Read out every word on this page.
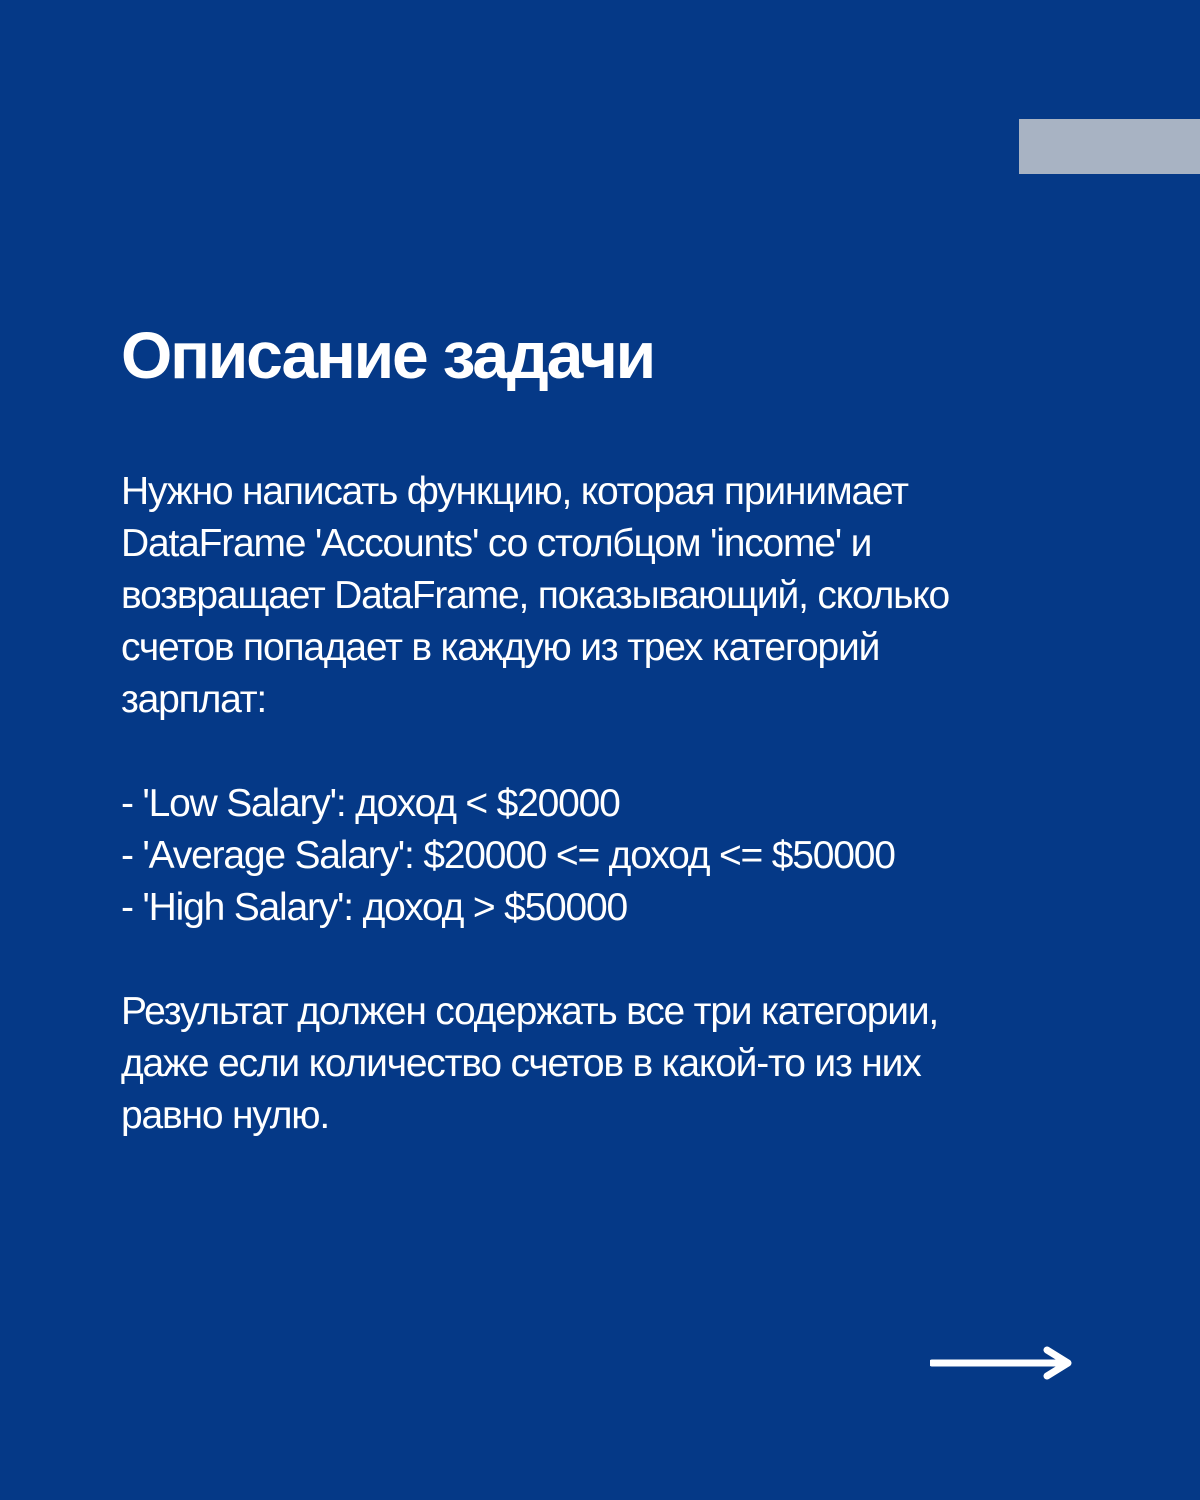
Описание задачи

Нужно написать функцию, которая принимает
DataFrame 'Accounts' со столбцом 'income' и
возвращает DataFrame, показывающий, сколько
счетов попадает в каждую из трех категорий
зарплат:

- 'Low Salary': доход < $20000
- 'Average Salary': $20000 <= доход <= $50000
- 'High Salary': доход > $50000

Результат должен содержать все три категории,
даже если количество счетов в какой-то из них
равно нулю.
